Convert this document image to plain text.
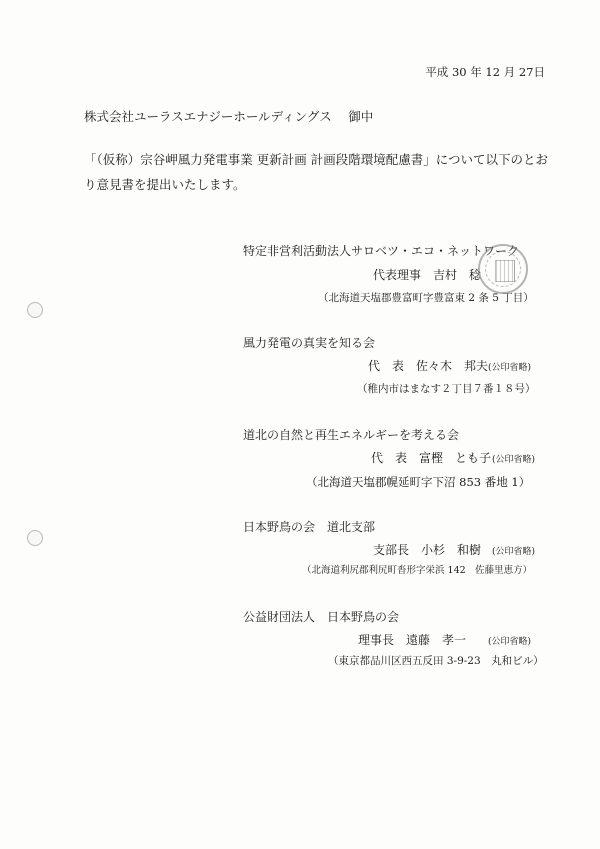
平成 30 年 12 月 27日
株式会社ユーラスエナジーホールディングス　 御中
「（仮称）宗谷岬風力発電事業 更新計画 計画段階環境配慮書」について以下のとお
り意見書を提出いたします。
特定非営利活動法人サロベツ・エコ・ネットワーク
代表理事　吉村　稔
（北海道天塩郡豊富町字豊富東 2 条 5 丁目）
風力発電の真実を知る会
代　表　佐々木　邦夫 (公印省略)
（稚内市はまなす２丁目７番１８号）
道北の自然と再生エネルギーを考える会
代　表　富樫　とも子 (公印省略)
（北海道天塩郡幌延町字下沼 853 番地 1）
日本野鳥の会　道北支部
支部長　小杉　和樹 (公印省略)
（北海道利尻郡利尻町沓形字栄浜 142　佐藤里恵方）
公益財団法人　日本野鳥の会
理事長　遠藤　孝一 (公印省略)
（東京都品川区西五反田 3-9-23　丸和ビル）
